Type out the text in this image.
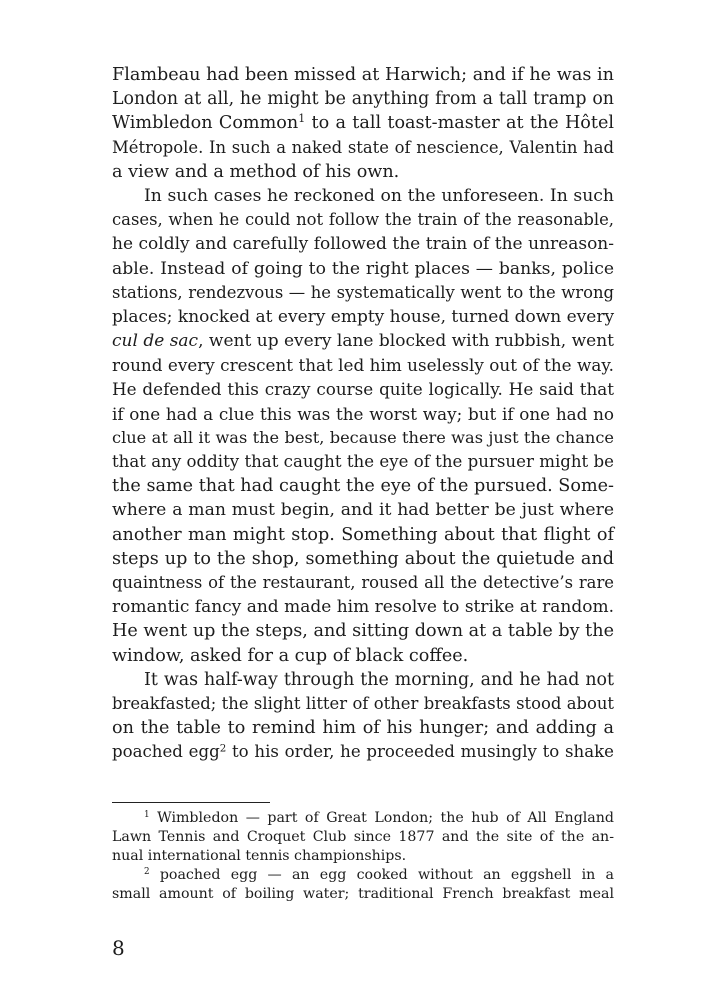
Flambeau had been missed at Harwich; and if he was in
London at all, he might be anything from a tall tramp on
Wimbledon Common$^1$ to a tall toast-master at the Hôtel
Métropole. In such a naked state of nescience, Valentin had
a view and a method of his own.
In such cases he reckoned on the unforeseen. In such
cases, when he could not follow the train of the reasonable,
he coldly and carefully followed the train of the unreason-
able. Instead of going to the right places — banks, police
stations, rendezvous — he systematically went to the wrong
places; knocked at every empty house, turned down every
cul de sac, went up every lane blocked with rubbish, went
round every crescent that led him uselessly out of the way.
He defended this crazy course quite logically. He said that
if one had a clue this was the worst way; but if one had no
clue at all it was the best, because there was just the chance
that any oddity that caught the eye of the pursuer might be
the same that had caught the eye of the pursued. Some-
where a man must begin, and it had better be just where
another man might stop. Something about that flight of
steps up to the shop, something about the quietude and
quaintness of the restaurant, roused all the detective’s rare
romantic fancy and made him resolve to strike at random.
He went up the steps, and sitting down at a table by the
window, asked for a cup of black coffee.
It was half-way through the morning, and he had not
breakfasted; the slight litter of other breakfasts stood about
on the table to remind him of his hunger; and adding a
poached egg$^2$ to his order, he proceeded musingly to shake
$^1$ Wimbledon — part of Great London; the hub of All England
Lawn Tennis and Croquet Club since 1877 and the site of the an-
nual international tennis championships.
$^2$ poached egg — an egg cooked without an eggshell in a
small amount of boiling water; traditional French breakfast meal
8
